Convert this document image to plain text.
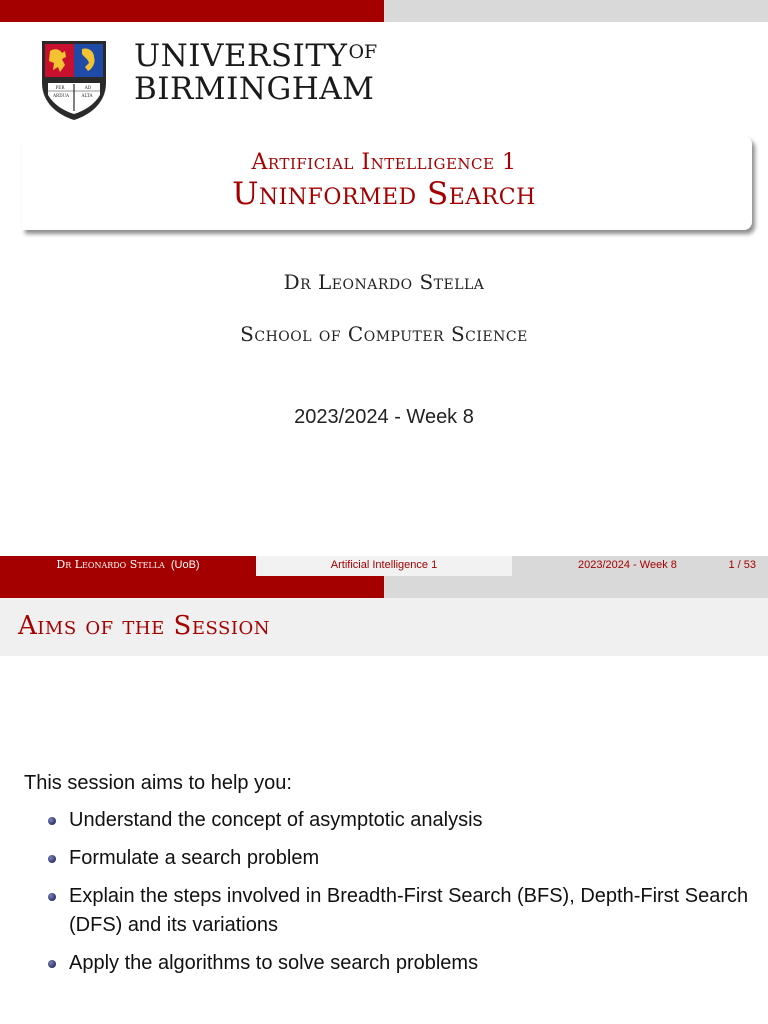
PER	AD
ARDUA	ALTA
$UNIVERSITY^{OF}$
BIRMINGHAM
Artificial Intelligence 1
Uninformed Search
Dr Leonardo Stella
School of Computer Science
2023/2024 - Week 8
Dr Leonardo Stella (UoB)	Artificial Intelligence 1	2023/2024 - Week 8	1 / 53
Aims of the Session
This session aims to help you:
Understand the concept of asymptotic analysis
Formulate a search problem
Explain the steps involved in Breadth-First Search (BFS), Depth-First Search (DFS) and its variations
Apply the algorithms to solve search problems
